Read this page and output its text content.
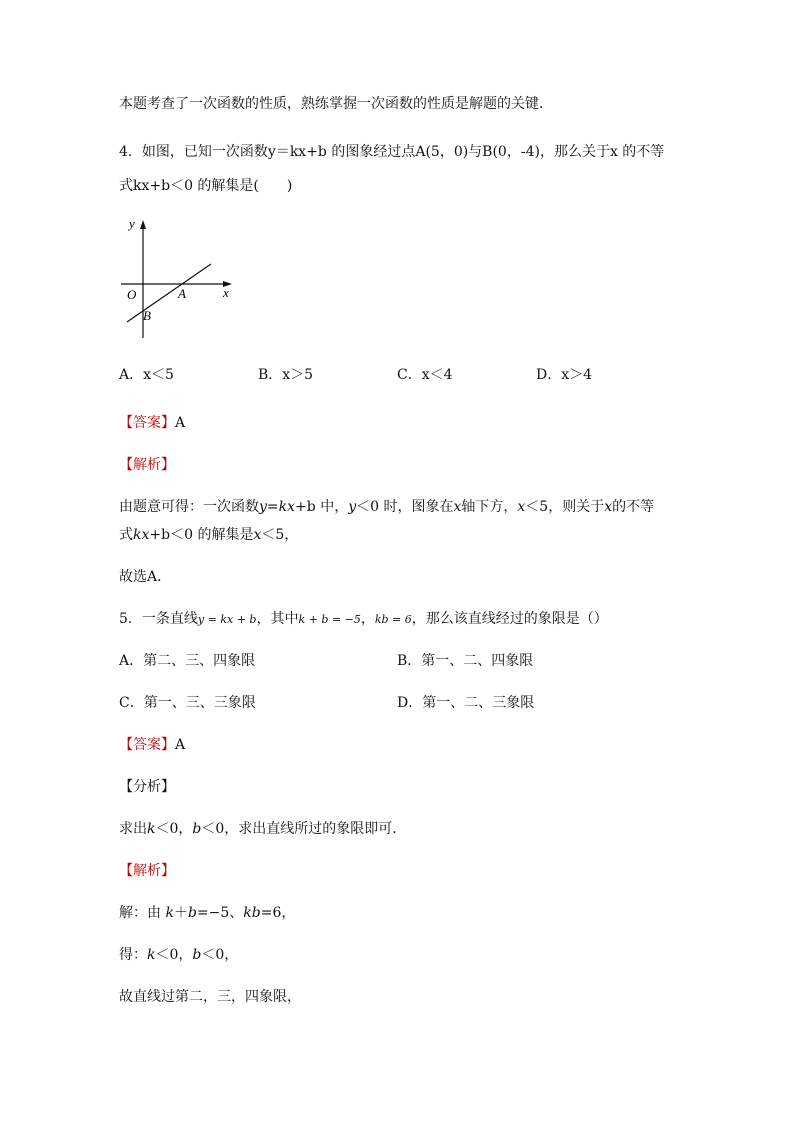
本题考查了一次函数的性质，熟练掌握一次函数的性质是解题的关键．
4．如图，已知一次函数y＝kx+b 的图象经过点A(5，0)与B(0，-4)，那么关于x 的不等
式kx+b＜0 的解集是(  )
y
x
O	A
B
A．x＜5	B．x＞5	C．x＜4	D．x＞4
【答案】A
【解析】
由题意可得：一次函数y=kx+b 中，y＜0 时，图象在x轴下方，x＜5，则关于x的不等
式kx+b＜0 的解集是x＜5，
故选A．
5．一条直线y = kx + b，其中k + b = −5，kb = 6，那么该直线经过的象限是（）
A．第二、三、四象限	B．第一、二、四象限
C．第一、三、三象限	D．第一、二、三象限
【答案】A
【分析】
求出k＜0，b＜0，求出直线所过的象限即可．
【解析】
解：由 k＋b=−5、kb=6，
得：k＜0，b＜0，
故直线过第二，三，四象限，
